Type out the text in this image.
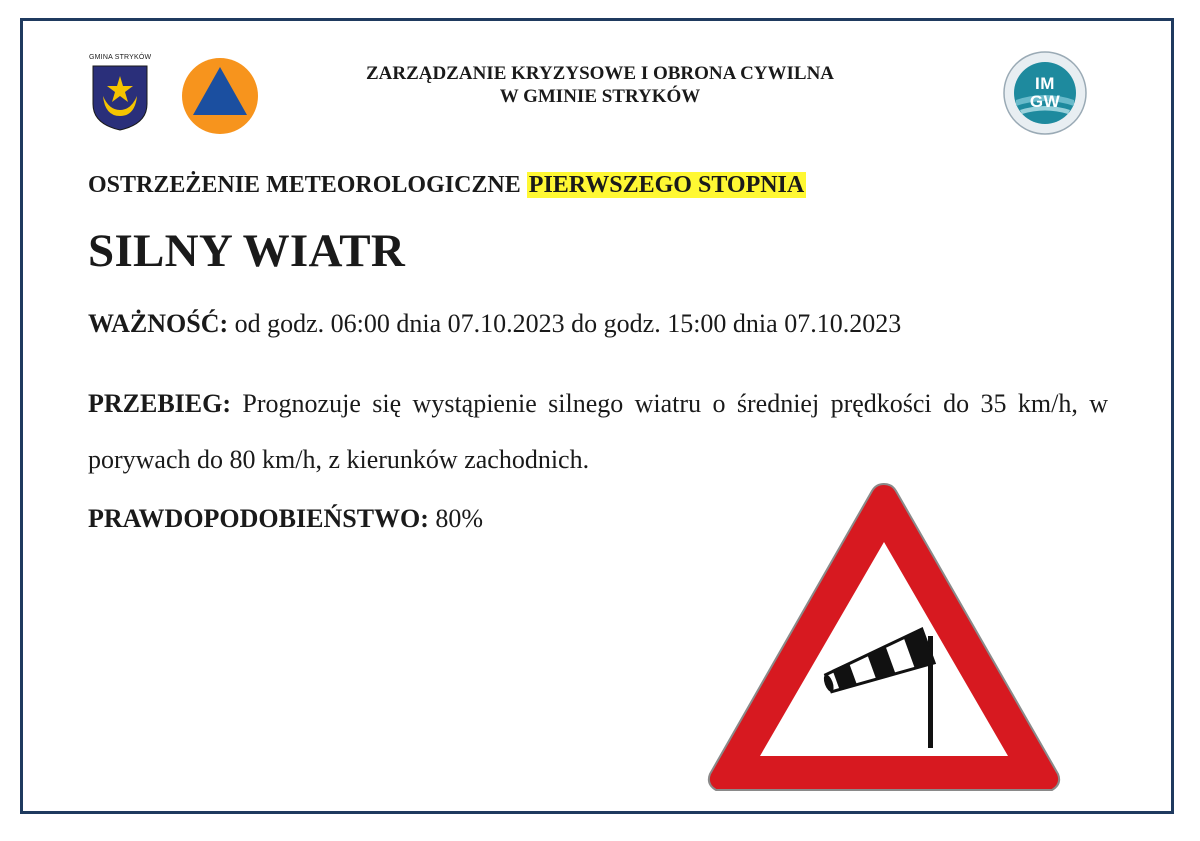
GMINA STRYKÓW
ZARZĄDZANIE KRYZYSOWE I OBRONA CYWILNA
W GMINIE STRYKÓW
IM
GW
OSTRZEŻENIE METEOROLOGICZNE PIERWSZEGO STOPNIA
SILNY WIATR
WAŻNOŚĆ: od godz. 06:00 dnia 07.10.2023 do godz. 15:00 dnia 07.10.2023
PRZEBIEG: Prognozuje się wystąpienie silnego wiatru o średniej prędkości do 35 km/h, w porywach do 80 km/h, z kierunków zachodnich.
PRAWDOPODOBIEŃSTWO: 80%
